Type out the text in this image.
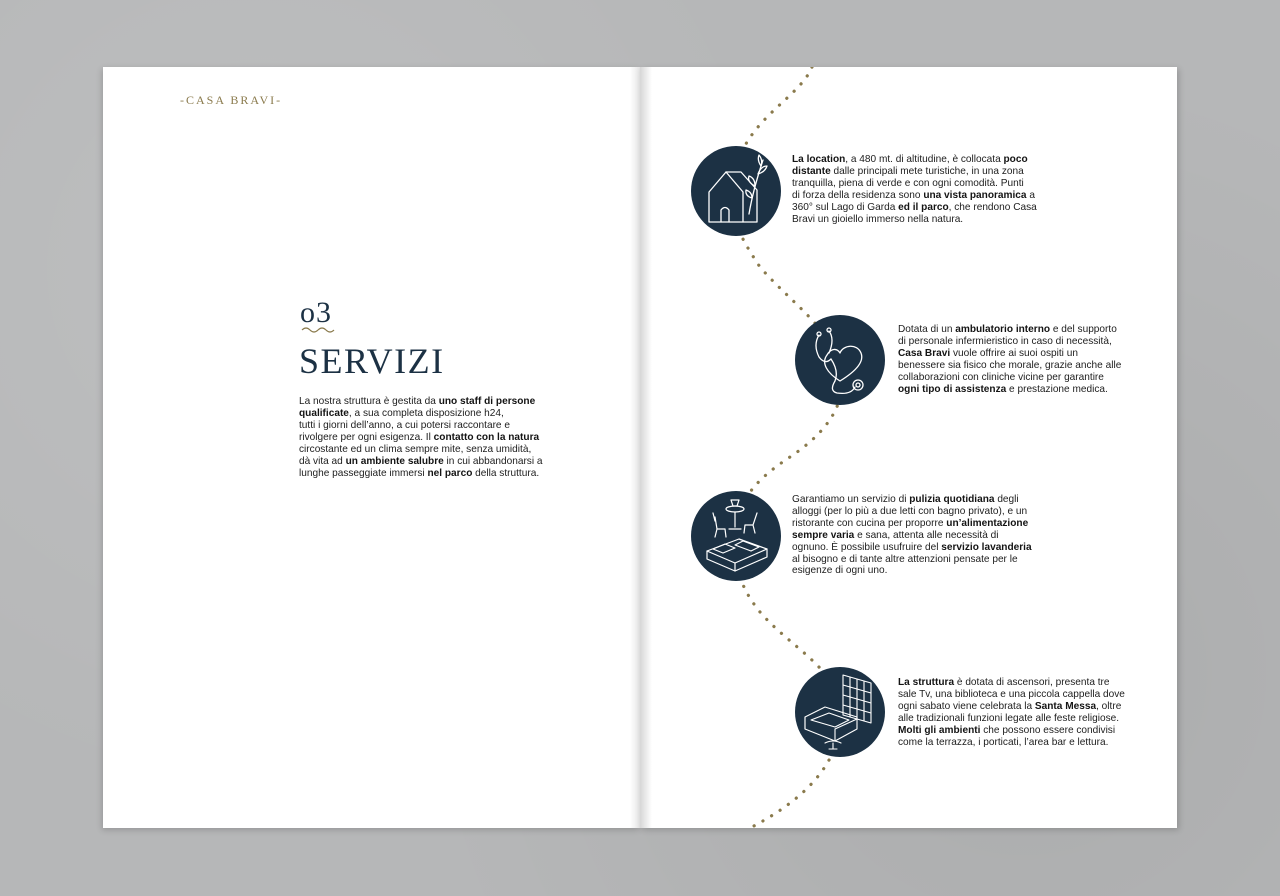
-CASA BRAVI-
o3
SERVIZI
La nostra struttura è gestita da uno staff di persone
qualificate, a sua completa disposizione h24,
tutti i giorni dell’anno, a cui potersi raccontare e
rivolgere per ogni esigenza. Il contatto con la natura
circostante ed un clima sempre mite, senza umidità,
dà vita ad un ambiente salubre in cui abbandonarsi a
lunghe passeggiate immersi nel parco della struttura.
La location, a 480 mt. di altitudine, è collocata poco
distante dalle principali mete turistiche, in una zona
tranquilla, piena di verde e con ogni comodità. Punti
di forza della residenza sono una vista panoramica a
360° sul Lago di Garda ed il parco, che rendono Casa
Bravi un gioiello immerso nella natura.
Dotata di un ambulatorio interno e del supporto
di personale infermieristico in caso di necessità,
Casa Bravi vuole offrire ai suoi ospiti un
benessere sia fisico che morale, grazie anche alle
collaborazioni con cliniche vicine per garantire
ogni tipo di assistenza e prestazione medica.
Garantiamo un servizio di pulizia quotidiana degli
alloggi (per lo più a due letti con bagno privato), e un
ristorante con cucina per proporre un’alimentazione
sempre varia e sana, attenta alle necessità di
ognuno. È possibile usufruire del servizio lavanderia
al bisogno e di tante altre attenzioni pensate per le
esigenze di ogni uno.
La struttura è dotata di ascensori, presenta tre
sale Tv, una biblioteca e una piccola cappella dove
ogni sabato viene celebrata la Santa Messa, oltre
alle tradizionali funzioni legate alle feste religiose.
Molti gli ambienti che possono essere condivisi
come la terrazza, i porticati, l’area bar e lettura.
